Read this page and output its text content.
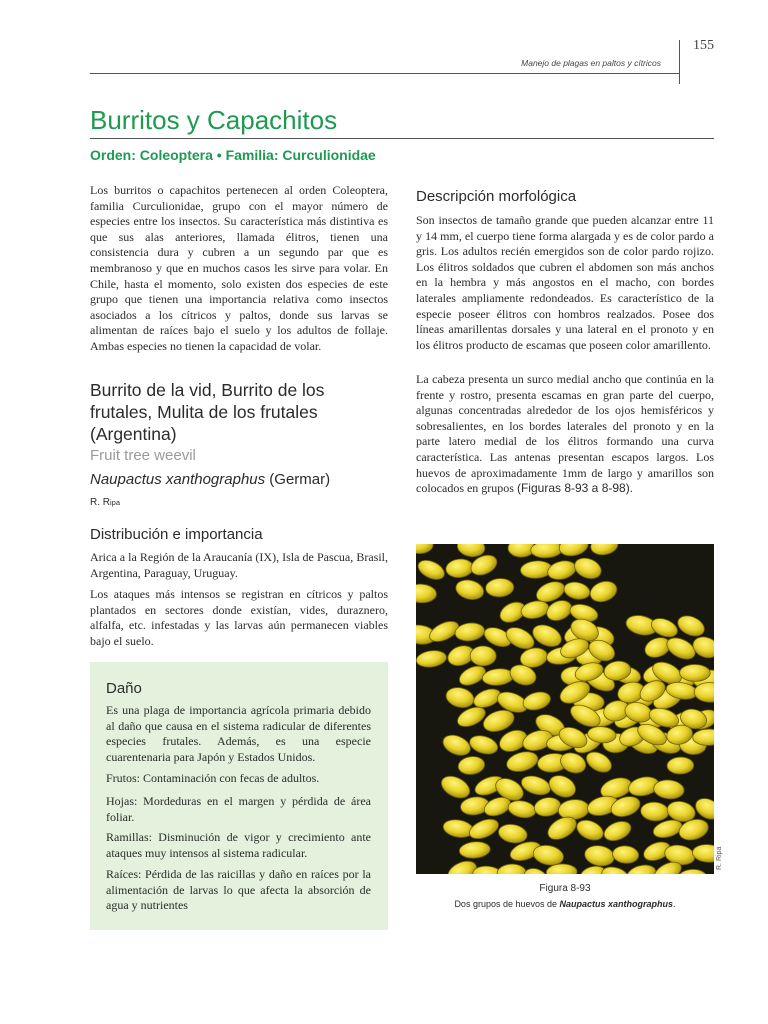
155
Manejo de plagas en paltos y cítricos
Burritos y Capachitos
Orden: Coleoptera • Familia: Curculionidae

Los burritos o capachitos pertenecen al orden Coleoptera, familia Curculionidae, grupo con el mayor número de especies entre los insectos. Su característica más distintiva es que sus alas anteriores, llamada élitros, tienen una consistencia dura y cubren a un segundo par que es membranoso y que en muchos casos les sirve para volar. En Chile, hasta el momento, solo existen dos especies de este grupo que tienen una importancia relativa como insectos asociados a los cítricos y paltos, donde sus larvas se alimentan de raíces bajo el suelo y los adultos de follaje. Ambas especies no tienen la capacidad de volar.

Burrito de la vid, Burrito de los frutales, Mulita de los frutales (Argentina)
Fruit tree weevil
Naupactus xanthographus (Germar)
R. Ripa
Distribución e importancia

Arica a la Región de la Araucanía (IX), Isla de Pascua, Brasil, Argentina, Paraguay, Uruguay.

Los ataques más intensos se registran en cítricos y paltos plantados en sectores donde existían, vides, duraznero, alfalfa, etc. infestadas y las larvas aún permanecen viables bajo el suelo.

Daño

Es una plaga de importancia agrícola primaria debido al daño que causa en el sistema radicular de diferentes especies frutales. Además, es una especie cuarentenaria para Japón y Estados Unidos.

Frutos: Contaminación con fecas de adultos.

Hojas: Mordeduras en el margen y pérdida de área foliar.

Ramillas: Disminución de vigor y crecimiento ante ataques muy intensos al sistema radicular.

Raíces: Pérdida de las raicillas y daño en raíces por la alimentación de larvas lo que afecta la absorción de agua y nutrientes

Descripción morfológica

Son insectos de tamaño grande que pueden alcanzar entre 11 y 14 mm, el cuerpo tiene forma alargada y es de color pardo a gris. Los adultos recién emergidos son de color pardo rojizo. Los élitros soldados que cubren el abdomen son más anchos en la hembra y más angostos en el macho, con bordes laterales ampliamente redondeados. Es característico de la especie poseer élitros con hombros realzados. Posee dos líneas amarillentas dorsales y una lateral en el pronoto y en los élitros producto de escamas que poseen color amarillento.

La cabeza presenta un surco medial ancho que continúa en la frente y rostro, presenta escamas en gran parte del cuerpo, algunas concentradas alrededor de los ojos hemisféricos y sobresalientes, en los bordes laterales del pronoto y en la parte latero medial de los élitros formando una curva característica. Las antenas presentan escapos largos. Los huevos de aproximadamente 1mm de largo y amarillos son colocados en grupos (Figuras 8-93 a 8-98).

R. Ripa
Figura 8-93
Dos grupos de huevos de Naupactus xanthographus.
